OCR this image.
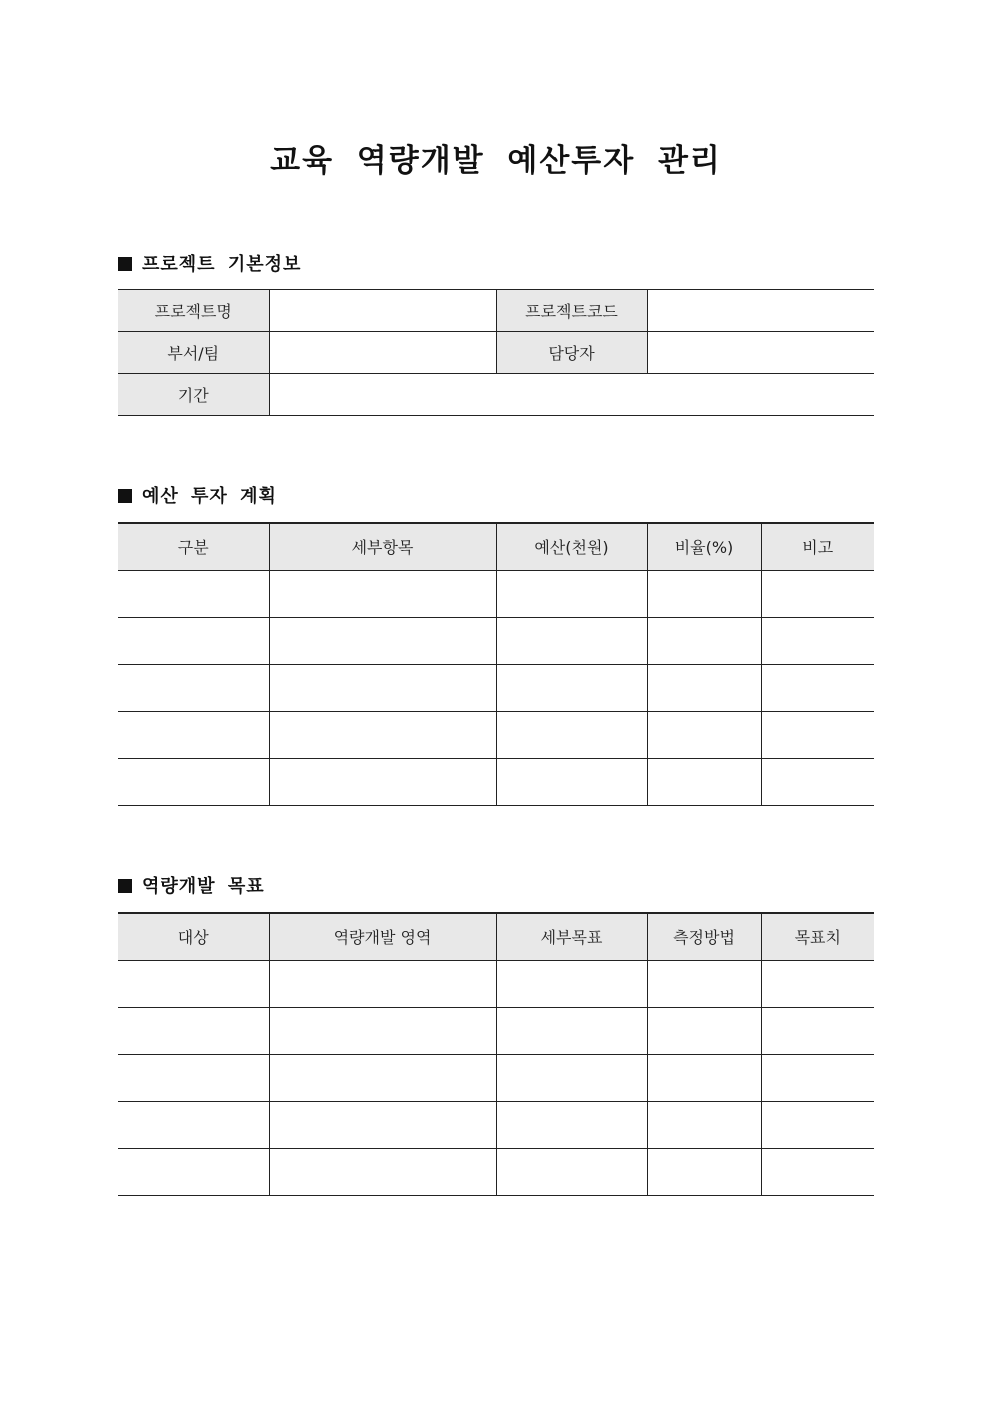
교육 역량개발 예산투자 관리
프로젝트 기본정보
프로젝트명		프로젝트코드	
부서/팀		담당자	
기간			
예산 투자 계획
구분	세부항목	예산(천원)	비율(%)	비고

역량개발 목표
대상	역량개발 영역	세부목표	측정방법	목표치
